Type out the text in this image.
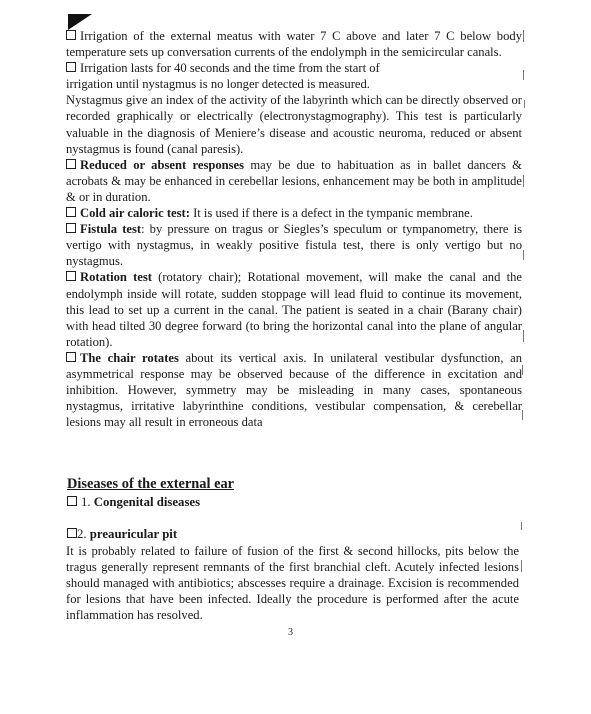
Irrigation of the external meatus with water 7 C above and later 7 C below body temperature sets up conversation currents of the endolymph in the semicircular canals.

Irrigation lasts for 40 seconds and the time from the start of
irrigation until nystagmus is no longer detected is measured.

Nystagmus give an index of the activity of the labyrinth which can be directly observed or recorded graphically or electrically (electronystagmography). This test is particularly valuable in the diagnosis of Meniere’s disease and acoustic neuroma, reduced or absent nystagmus is found (canal paresis).

Reduced or absent responses may be due to habituation as in ballet dancers & acrobats & may be enhanced in cerebellar lesions, enhancement may be both in amplitude & or in duration.

Cold air caloric test: It is used if there is a defect in the tympanic membrane.

Fistula test: by pressure on tragus or Siegles’s speculum or tympanometry, there is vertigo with nystagmus, in weakly positive fistula test, there is only vertigo but no nystagmus.

Rotation test (rotatory chair); Rotational movement, will make the canal and the endolymph inside will rotate, sudden stoppage will lead fluid to continue its movement, this lead to set up a current in the canal. The patient is seated in a chair (Barany chair) with head tilted 30 degree forward (to bring the horizontal canal into the plane of angular rotation).

The chair rotates about its vertical axis. In unilateral vestibular dysfunction, an asymmetrical response may be observed because of the difference in excitation and inhibition. However, symmetry may be misleading in many cases, spontaneous nystagmus, irritative labyrinthine conditions, vestibular compensation, & cerebellar lesions may all result in erroneous data

Diseases of the external ear
1. Congenital diseases
2. preauricular pit
It is probably related to failure of fusion of the first & second hillocks, pits below the tragus generally represent remnants of the first branchial cleft. Acutely infected lesions should managed with antibiotics; abscesses require a drainage. Excision is recommended for lesions that have been infected. Ideally the procedure is performed after the acute inflammation has resolved.
3
